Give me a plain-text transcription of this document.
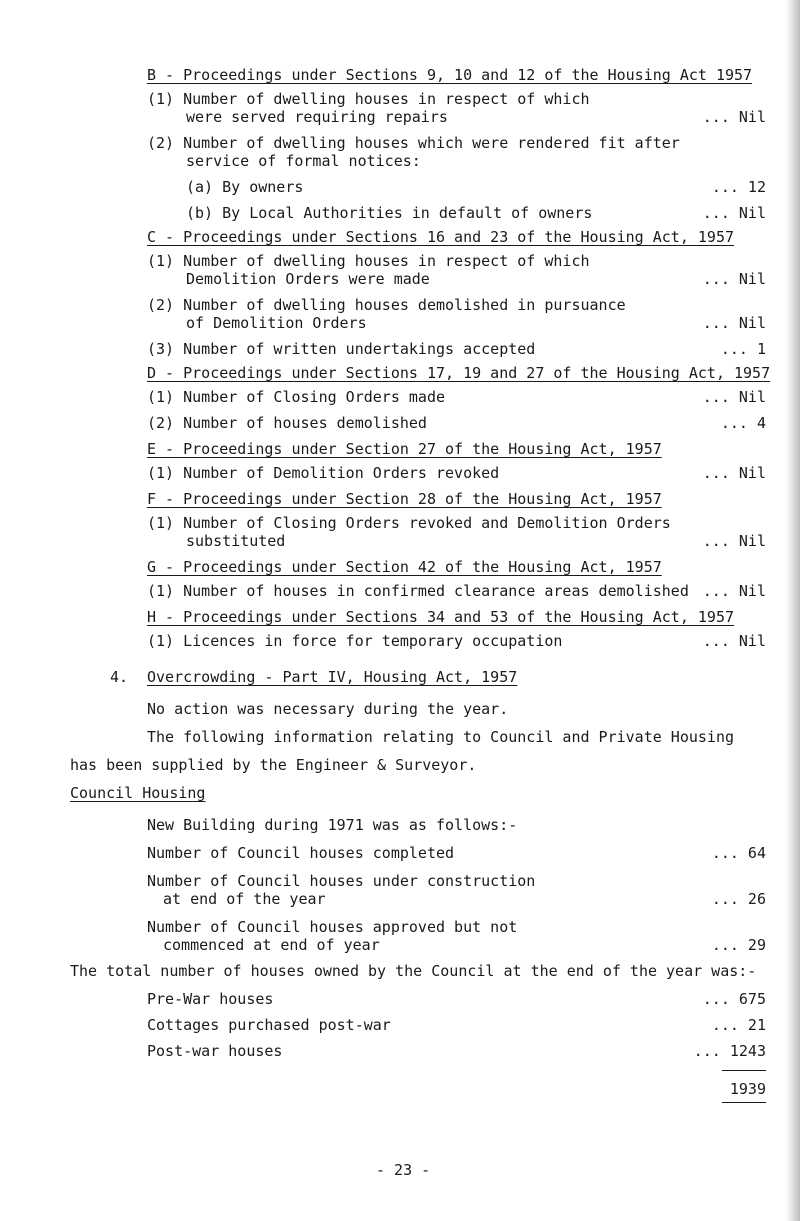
B - Proceedings under Sections 9, 10 and 12 of the Housing Act 1957
(1) Number of dwelling houses in respect of which
were served requiring repairs	... Nil
(2) Number of dwelling houses which were rendered fit after
service of formal notices:
(a) By owners	... 12
(b) By Local Authorities in default of owners	... Nil
C - Proceedings under Sections 16 and 23 of the Housing Act, 1957
(1) Number of dwelling houses in respect of which
Demolition Orders were made	... Nil
(2) Number of dwelling houses demolished in pursuance
of Demolition Orders	... Nil
(3) Number of written undertakings accepted	... 1
D - Proceedings under Sections 17, 19 and 27 of the Housing Act, 1957
(1) Number of Closing Orders made	... Nil
(2) Number of houses demolished	... 4
E - Proceedings under Section 27 of the Housing Act, 1957
(1) Number of Demolition Orders revoked	... Nil
F - Proceedings under Section 28 of the Housing Act, 1957
(1) Number of Closing Orders revoked and Demolition Orders
substituted	... Nil
G - Proceedings under Section 42 of the Housing Act, 1957
(1) Number of houses in confirmed clearance areas demolished ... Nil
H - Proceedings under Sections 34 and 53 of the Housing Act, 1957
(1) Licences in force for temporary occupation	... Nil
4. Overcrowding - Part IV, Housing Act, 1957
No action was necessary during the year.
The following information relating to Council and Private Housing
has been supplied by the Engineer & Surveyor.
Council Housing
New Building during 1971 was as follows:-
Number of Council houses completed	... 64
Number of Council houses under construction
at end of the year	... 26
Number of Council houses approved but not
commenced at end of year	... 29
The total number of houses owned by the Council at the end of the year was:-
Pre-War houses	... 675
Cottages purchased post-war	... 21
Post-war houses	... 1243
1939
- 23 -
